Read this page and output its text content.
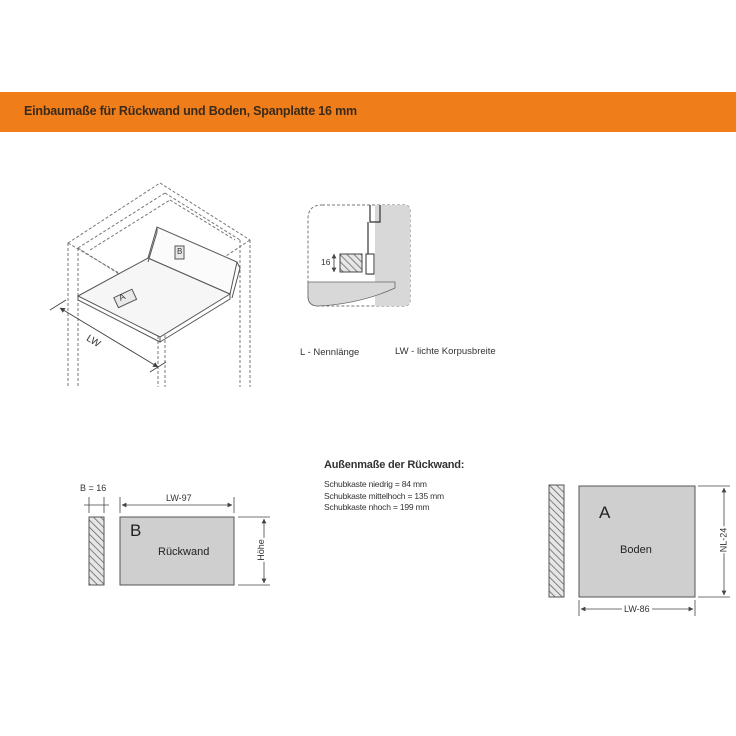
Einbaumaße für Rückwand und Boden, Spanplatte 16 mm
LW
A
B
16
L - Nennlänge	LW - lichte Korpusbreite
Außenmaße der Rückwand:
Schubkaste niedrig = 84 mm
Schubkaste mittelhoch = 135 mm
Schubkaste nhoch = 199 mm
B = 16
LW-97
B
Rückwand	Höhe
A
Boden
LW-86
NL-24
